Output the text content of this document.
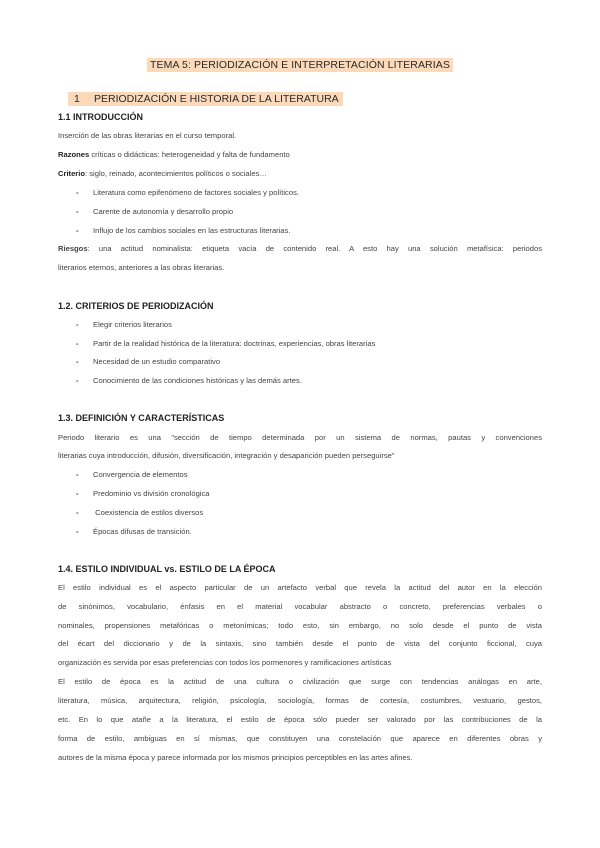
TEMA 5: PERIODIZACIÓN E INTERPRETACIÓN LITERARIAS
1 PERIODIZACIÓN E HISTORIA DE LA LITERATURA
1.1 INTRODUCCIÓN
Inserción de las obras literarias en el curso temporal.
Razones críticas o didácticas: heterogeneidad y falta de fundamento
Criterio: siglo, reinado, acontecimientos políticos o sociales…
- Literatura como epifenómeno de factores sociales y políticos.
- Carente de autonomía y desarrollo propio
- Influjo de los cambios sociales en las estructuras literarias.
Riesgos: una actitud nominalista: etiqueta vacía de contenido real. A esto hay una solución metafísica: periodos
literarios eternos, anteriores a las obras literarias.
1.2. CRITERIOS DE PERIODIZACIÓN
- Elegir criterios literarios
- Partir de la realidad histórica de la literatura: doctrinas, experiencias, obras literarias
- Necesidad de un estudio comparativo
- Conocimiento de las condiciones históricas y las demás artes.
1.3. DEFINICIÓN Y CARACTERÍSTICAS
Periodo literario es una "sección de tiempo determinada por un sistema de normas, pautas y convenciones
literarias cuya introducción, difusión, diversificación, integración y desaparición pueden perseguirse"
- Convergencia de elementos
- Predominio vs división cronológica
- Coexistencia de estilos diversos
- Épocas difusas de transición.
1.4. ESTILO INDIVIDUAL vs. ESTILO DE LA ÉPOCA
El estilo individual es el aspecto particular de un artefacto verbal que revela la actitud del autor en la elección
de sinónimos, vocabulario, énfasis en el material vocabular abstracto o concreto, preferencias verbales o
nominales, propensiones metafóricas o metonímicas; todo esto, sin embargo, no solo desde el punto de vista
del écart del diccionario y de la sintaxis, sino también desde el punto de vista del conjunto ficcional, cuya
organización es servida por esas preferencias con todos los pormenores y ramificaciones artísticas
El estilo de época es la actitud de una cultura o civilización que surge con tendencias análogas en arte,
literatura, música, arquitectura, religión, psicología, sociología, formas de cortesía, costumbres, vestuario, gestos,
etc. En lo que atañe a la literatura, el estilo de época sólo pueder ser valorado por las contribuciones de la
forma de estilo, ambiguas en sí mismas, que constituyen una constelación que aparece en diferentes obras y
autores de la misma época y parece informada por los mismos principios perceptibles en las artes afines.
